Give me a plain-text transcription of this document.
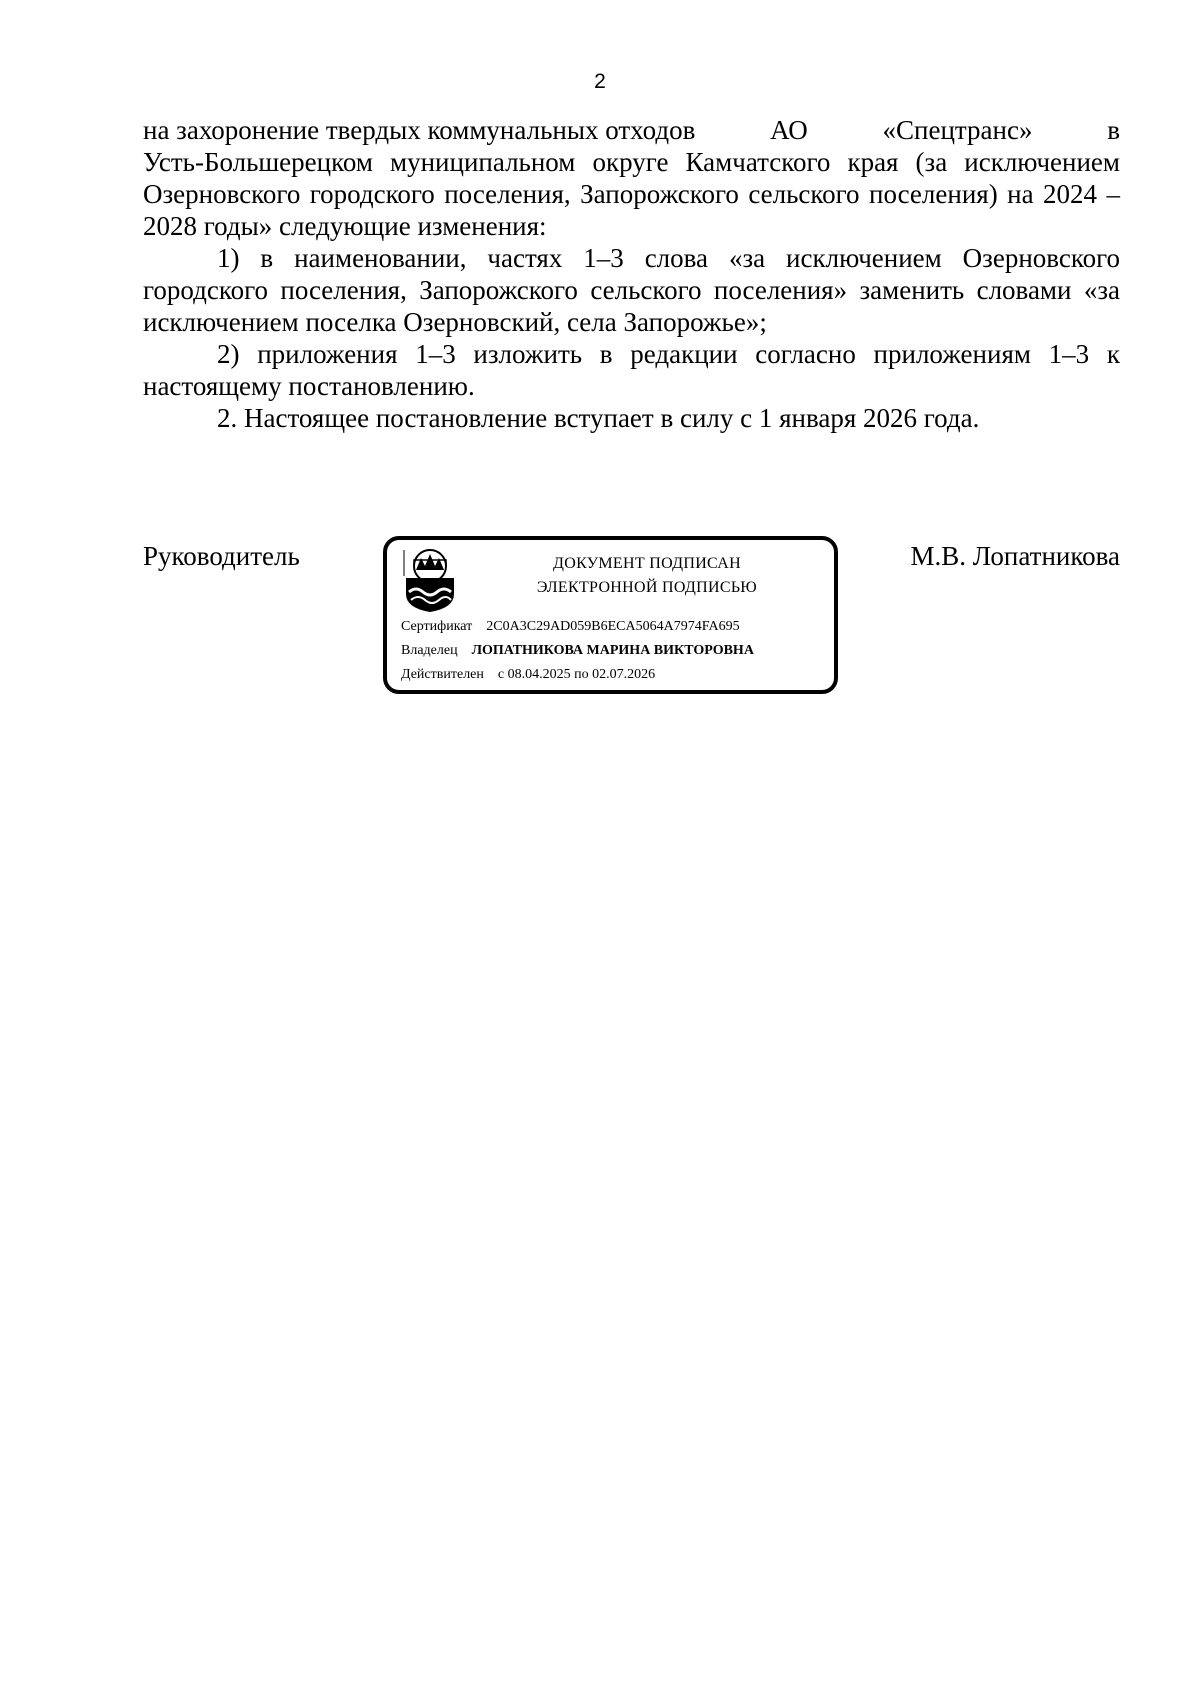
2

на захоронение твердых коммунальных отходов	АО	«Спецтранс»	в
Усть-Большерецком муниципальном округе Камчатского края (за исключением Озерновского городского поселения, Запорожского сельского поселения) на 2024 – 2028 годы» следующие изменения:

1) в наименовании, частях 1–3 слова «за исключением Озерновского городского поселения, Запорожского сельского поселения» заменить словами «за исключением поселка Озерновский, села Запорожье»;

2) приложения 1–3 изложить в редакции согласно приложениям 1–3 к настоящему постановлению.

2. Настоящее постановление вступает в силу с 1 января 2026 года.

Руководитель	ДОКУМЕНТ ПОДПИСАН
ЭЛЕКТРОННОЙ ПОДПИСЬЮ
Сертификат 2C0A3C29AD059B6ECA5064A7974FA695
Владелец ЛОПАТНИКОВА МАРИНА ВИКТОРОВНА
Действителен с 08.04.2025 по 02.07.2026
М.В. Лопатникова
